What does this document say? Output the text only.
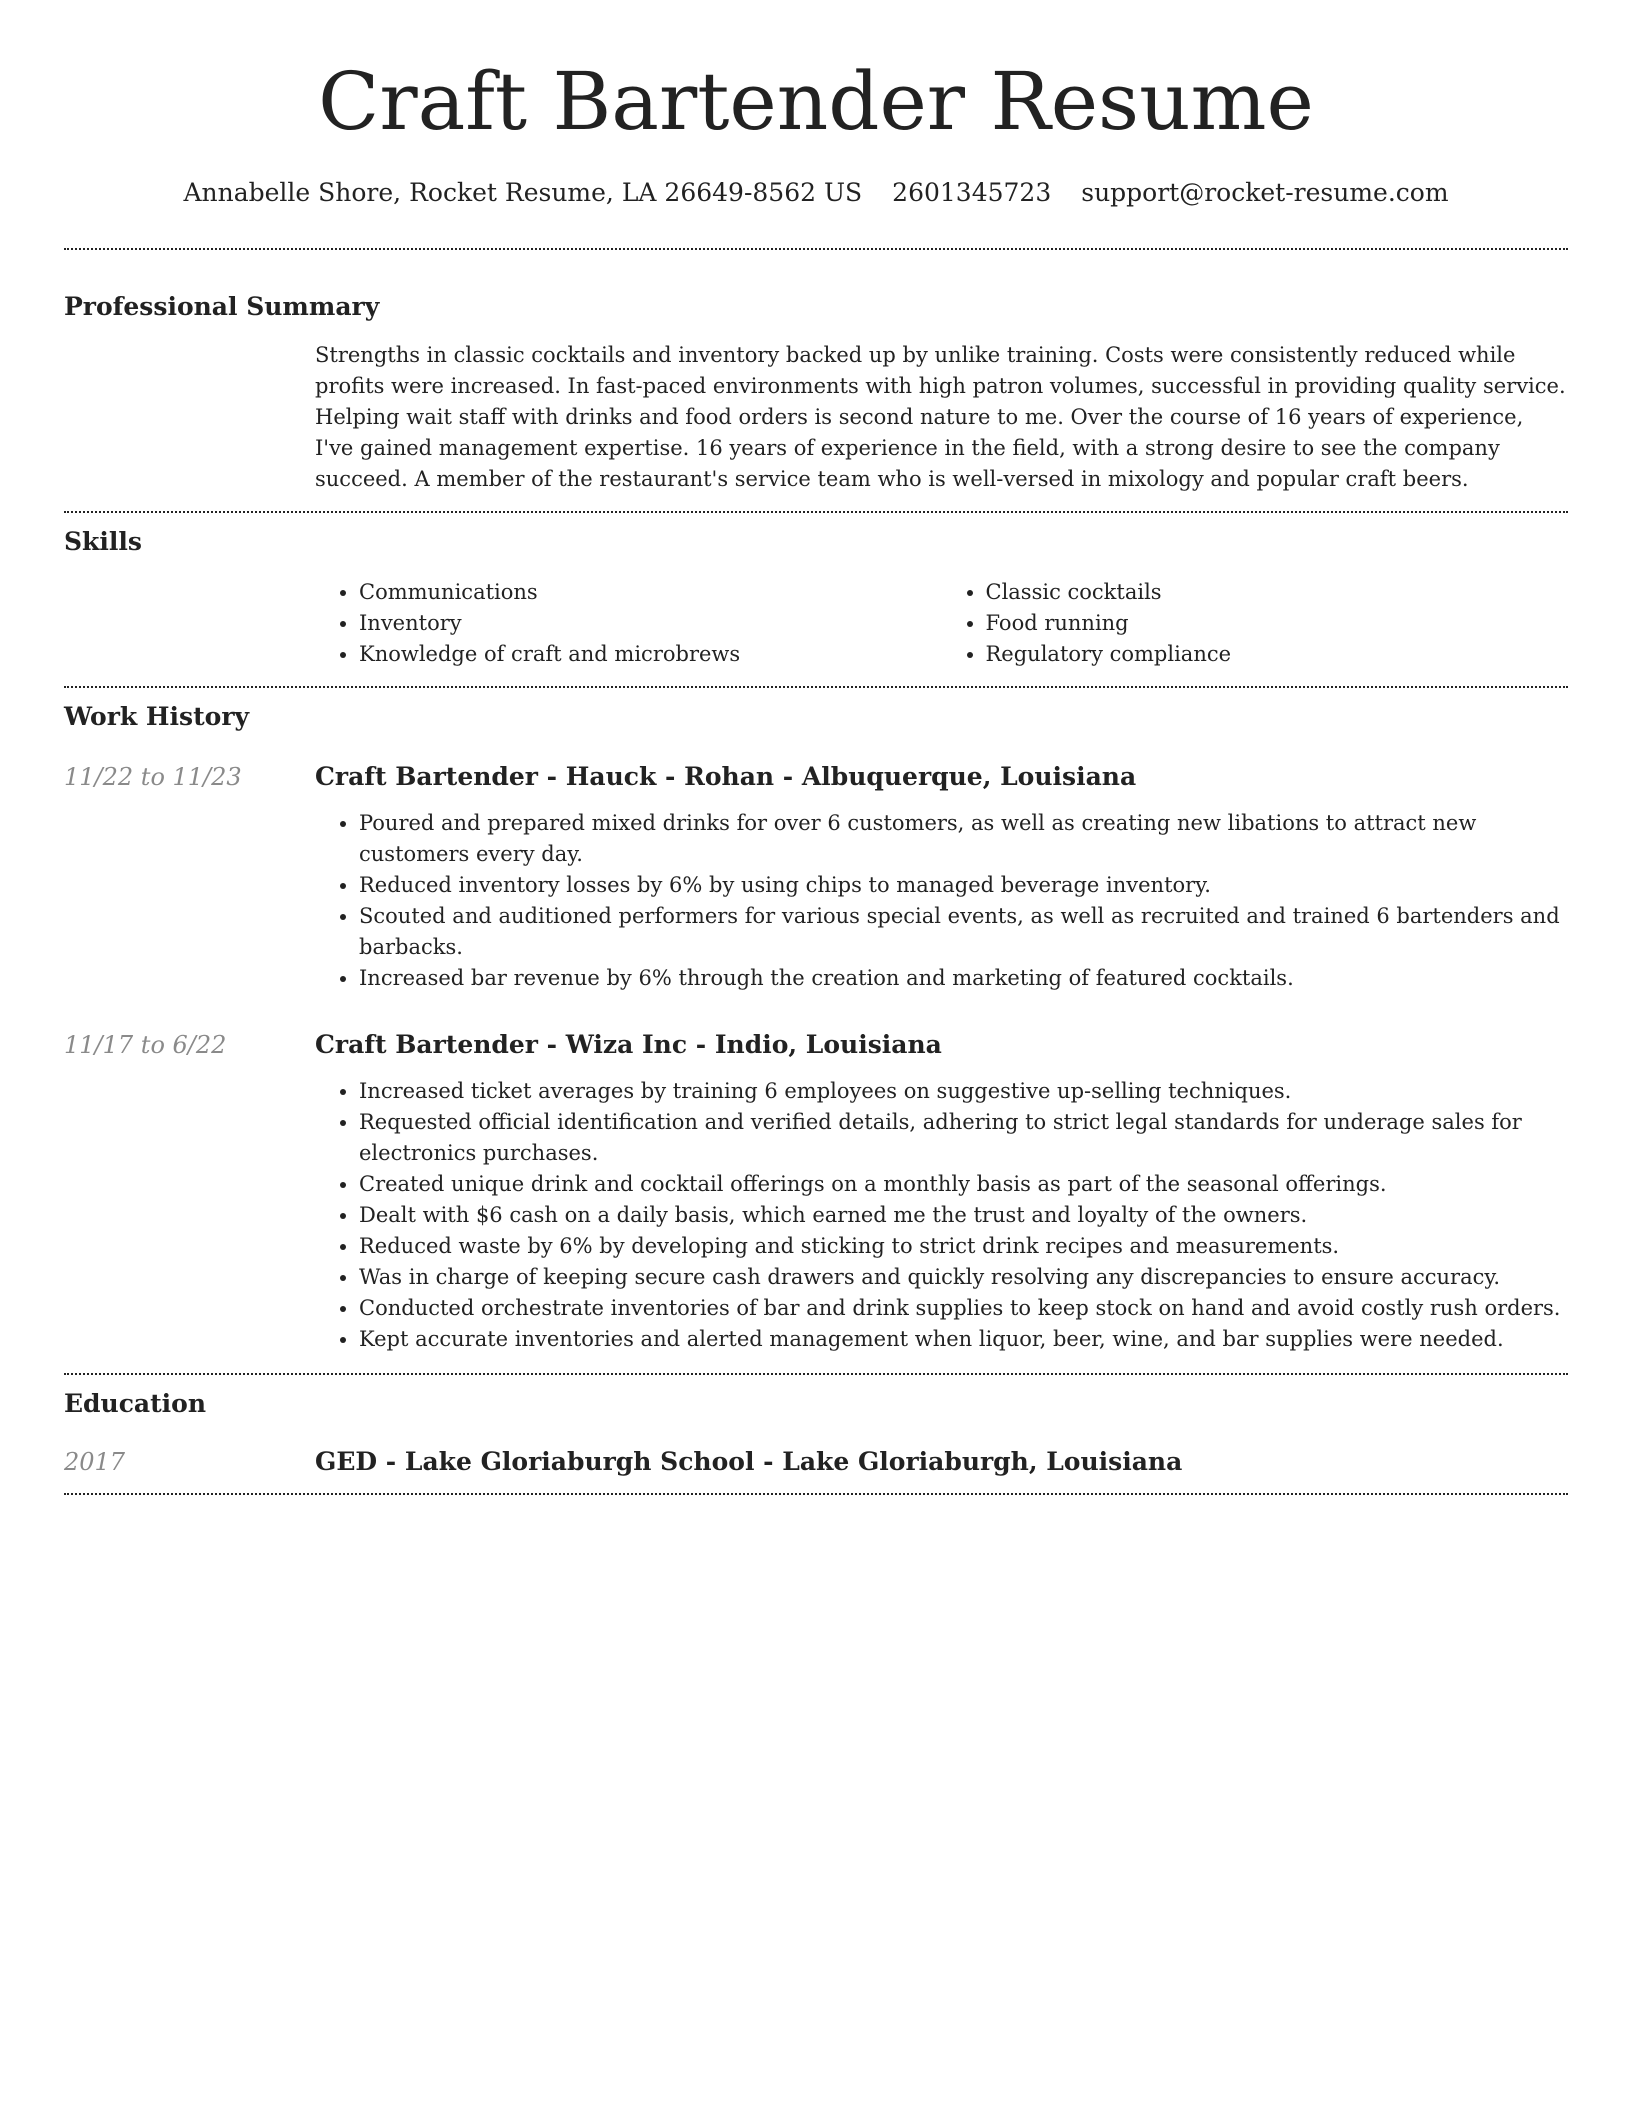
Craft Bartender Resume
Annabelle Shore, Rocket Resume, LA 26649-8562 US 2601345723 support@rocket-resume.com
Professional Summary

Strengths in classic cocktails and inventory backed up by unlike training. Costs were consistently reduced while profits were increased. In fast-paced environments with high patron volumes, successful in providing quality service. Helping wait staff with drinks and food orders is second nature to me. Over the course of 16 years of experience, I've gained management expertise. 16 years of experience in the field, with a strong desire to see the company succeed. A member of the restaurant's service team who is well-versed in mixology and popular craft beers.

Skills
• Communications
• Inventory
• Knowledge of craft and microbrews
• Classic cocktails
• Food running
• Regulatory compliance
Work History
11/22 to 11/23	Craft Bartender - Hauck - Rohan - Albuquerque, Louisiana
• Poured and prepared mixed drinks for over 6 customers, as well as creating new libations to attract new customers every day.
• Reduced inventory losses by 6% by using chips to managed beverage inventory.
• Scouted and auditioned performers for various special events, as well as recruited and trained 6 bartenders and barbacks.
• Increased bar revenue by 6% through the creation and marketing of featured cocktails.
11/17 to 6/22	Craft Bartender - Wiza Inc - Indio, Louisiana
• Increased ticket averages by training 6 employees on suggestive up-selling techniques.
• Requested official identification and verified details, adhering to strict legal standards for underage sales for electronics purchases.
• Created unique drink and cocktail offerings on a monthly basis as part of the seasonal offerings.
• Dealt with $6 cash on a daily basis, which earned me the trust and loyalty of the owners.
• Reduced waste by 6% by developing and sticking to strict drink recipes and measurements.
• Was in charge of keeping secure cash drawers and quickly resolving any discrepancies to ensure accuracy.
• Conducted orchestrate inventories of bar and drink supplies to keep stock on hand and avoid costly rush orders.
• Kept accurate inventories and alerted management when liquor, beer, wine, and bar supplies were needed.
Education
2017	GED - Lake Gloriaburgh School - Lake Gloriaburgh, Louisiana
